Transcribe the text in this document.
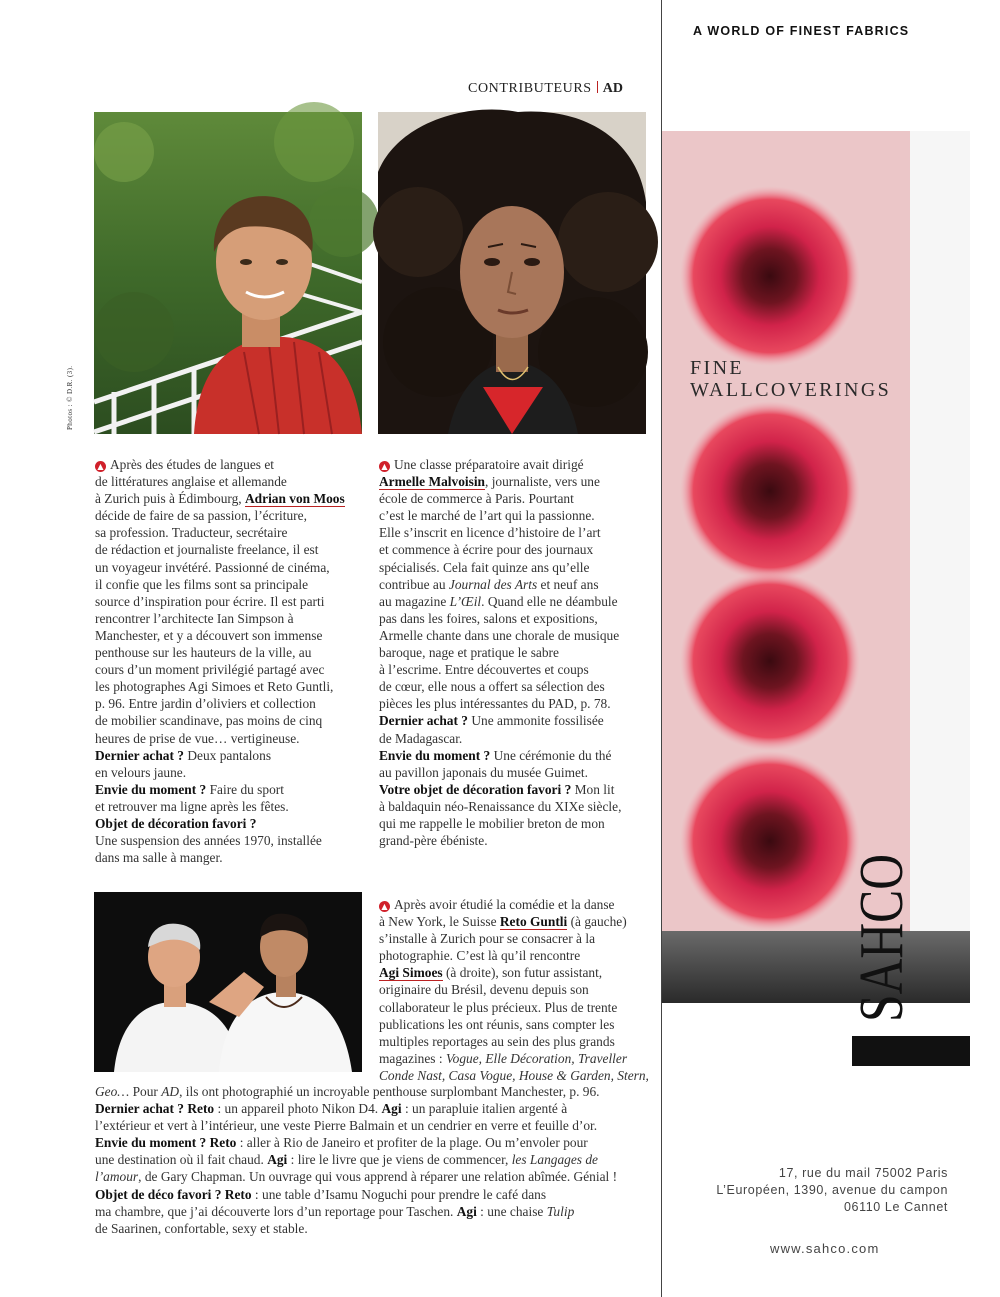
A WORLD OF FINEST FABRICS
CONTRIBUTEURS AD
Photos : © D.R. (3).

▲ Après des études de langues et

de littératures anglaise et allemande

à Zurich puis à Édimbourg, Adrian von Moos

décide de faire de sa passion, l’écriture,

sa profession. Traducteur, secrétaire

de rédaction et journaliste freelance, il est

un voyageur invétéré. Passionné de cinéma,

il confie que les films sont sa principale

source d’inspiration pour écrire. Il est parti

rencontrer l’architecte Ian Simpson à

Manchester, et y a découvert son immense

penthouse sur les hauteurs de la ville, au

cours d’un moment privilégié partagé avec

les photographes Agi Simoes et Reto Guntli,

p. 96. Entre jardin d’oliviers et collection

de mobilier scandinave, pas moins de cinq

heures de prise de vue… vertigineuse.

Dernier achat ? Deux pantalons

en velours jaune.

Envie du moment ? Faire du sport

et retrouver ma ligne après les fêtes.

Objet de décoration favori ?

Une suspension des années 1970, installée

dans ma salle à manger.

▲ Une classe préparatoire avait dirigé

Armelle Malvoisin, journaliste, vers une

école de commerce à Paris. Pourtant

c’est le marché de l’art qui la passionne.

Elle s’inscrit en licence d’histoire de l’art

et commence à écrire pour des journaux

spécialisés. Cela fait quinze ans qu’elle

contribue au Journal des Arts et neuf ans

au magazine L’Œil. Quand elle ne déambule

pas dans les foires, salons et expositions,

Armelle chante dans une chorale de musique

baroque, nage et pratique le sabre

à l’escrime. Entre découvertes et coups

de cœur, elle nous a offert sa sélection des

pièces les plus intéressantes du PAD, p. 78.

Dernier achat ? Une ammonite fossilisée

de Madagascar.

Envie du moment ? Une cérémonie du thé

au pavillon japonais du musée Guimet.

Votre objet de décoration favori ? Mon lit

à baldaquin néo-Renaissance du XIXe siècle,

qui me rappelle le mobilier breton de mon

grand-père ébéniste.

▲ Après avoir étudié la comédie et la danse

à New York, le Suisse Reto Guntli (à gauche)

s’installe à Zurich pour se consacrer à la

photographie. C’est là qu’il rencontre

Agi Simoes (à droite), son futur assistant,

originaire du Brésil, devenu depuis son

collaborateur le plus précieux. Plus de trente

publications les ont réunis, sans compter les

multiples reportages au sein des plus grands

magazines : Vogue, Elle Décoration, Traveller

Conde Nast, Casa Vogue, House & Garden, Stern,

Geo… Pour AD, ils ont photographié un incroyable penthouse surplombant Manchester, p. 96.

Dernier achat ? Reto : un appareil photo Nikon D4. Agi : un parapluie italien argenté à

l’extérieur et vert à l’intérieur, une veste Pierre Balmain et un cendrier en verre et feuille d’or.

Envie du moment ? Reto : aller à Rio de Janeiro et profiter de la plage. Ou m’envoler pour

une destination où il fait chaud. Agi : lire le livre que je viens de commencer, les Langages de

l’amour, de Gary Chapman. Un ouvrage qui vous apprend à réparer une relation abîmée. Génial !

Objet de déco favori ? Reto : une table d’Isamu Noguchi pour prendre le café dans

ma chambre, que j’ai découverte lors d’un reportage pour Taschen. Agi : une chaise Tulip

de Saarinen, confortable, sexy et stable.

FINE
WALLCOVERINGS
SAHCO
17, rue du mail 75002 Paris
L’Européen, 1390, avenue du campon
06110 Le Cannet
www.sahco.com
